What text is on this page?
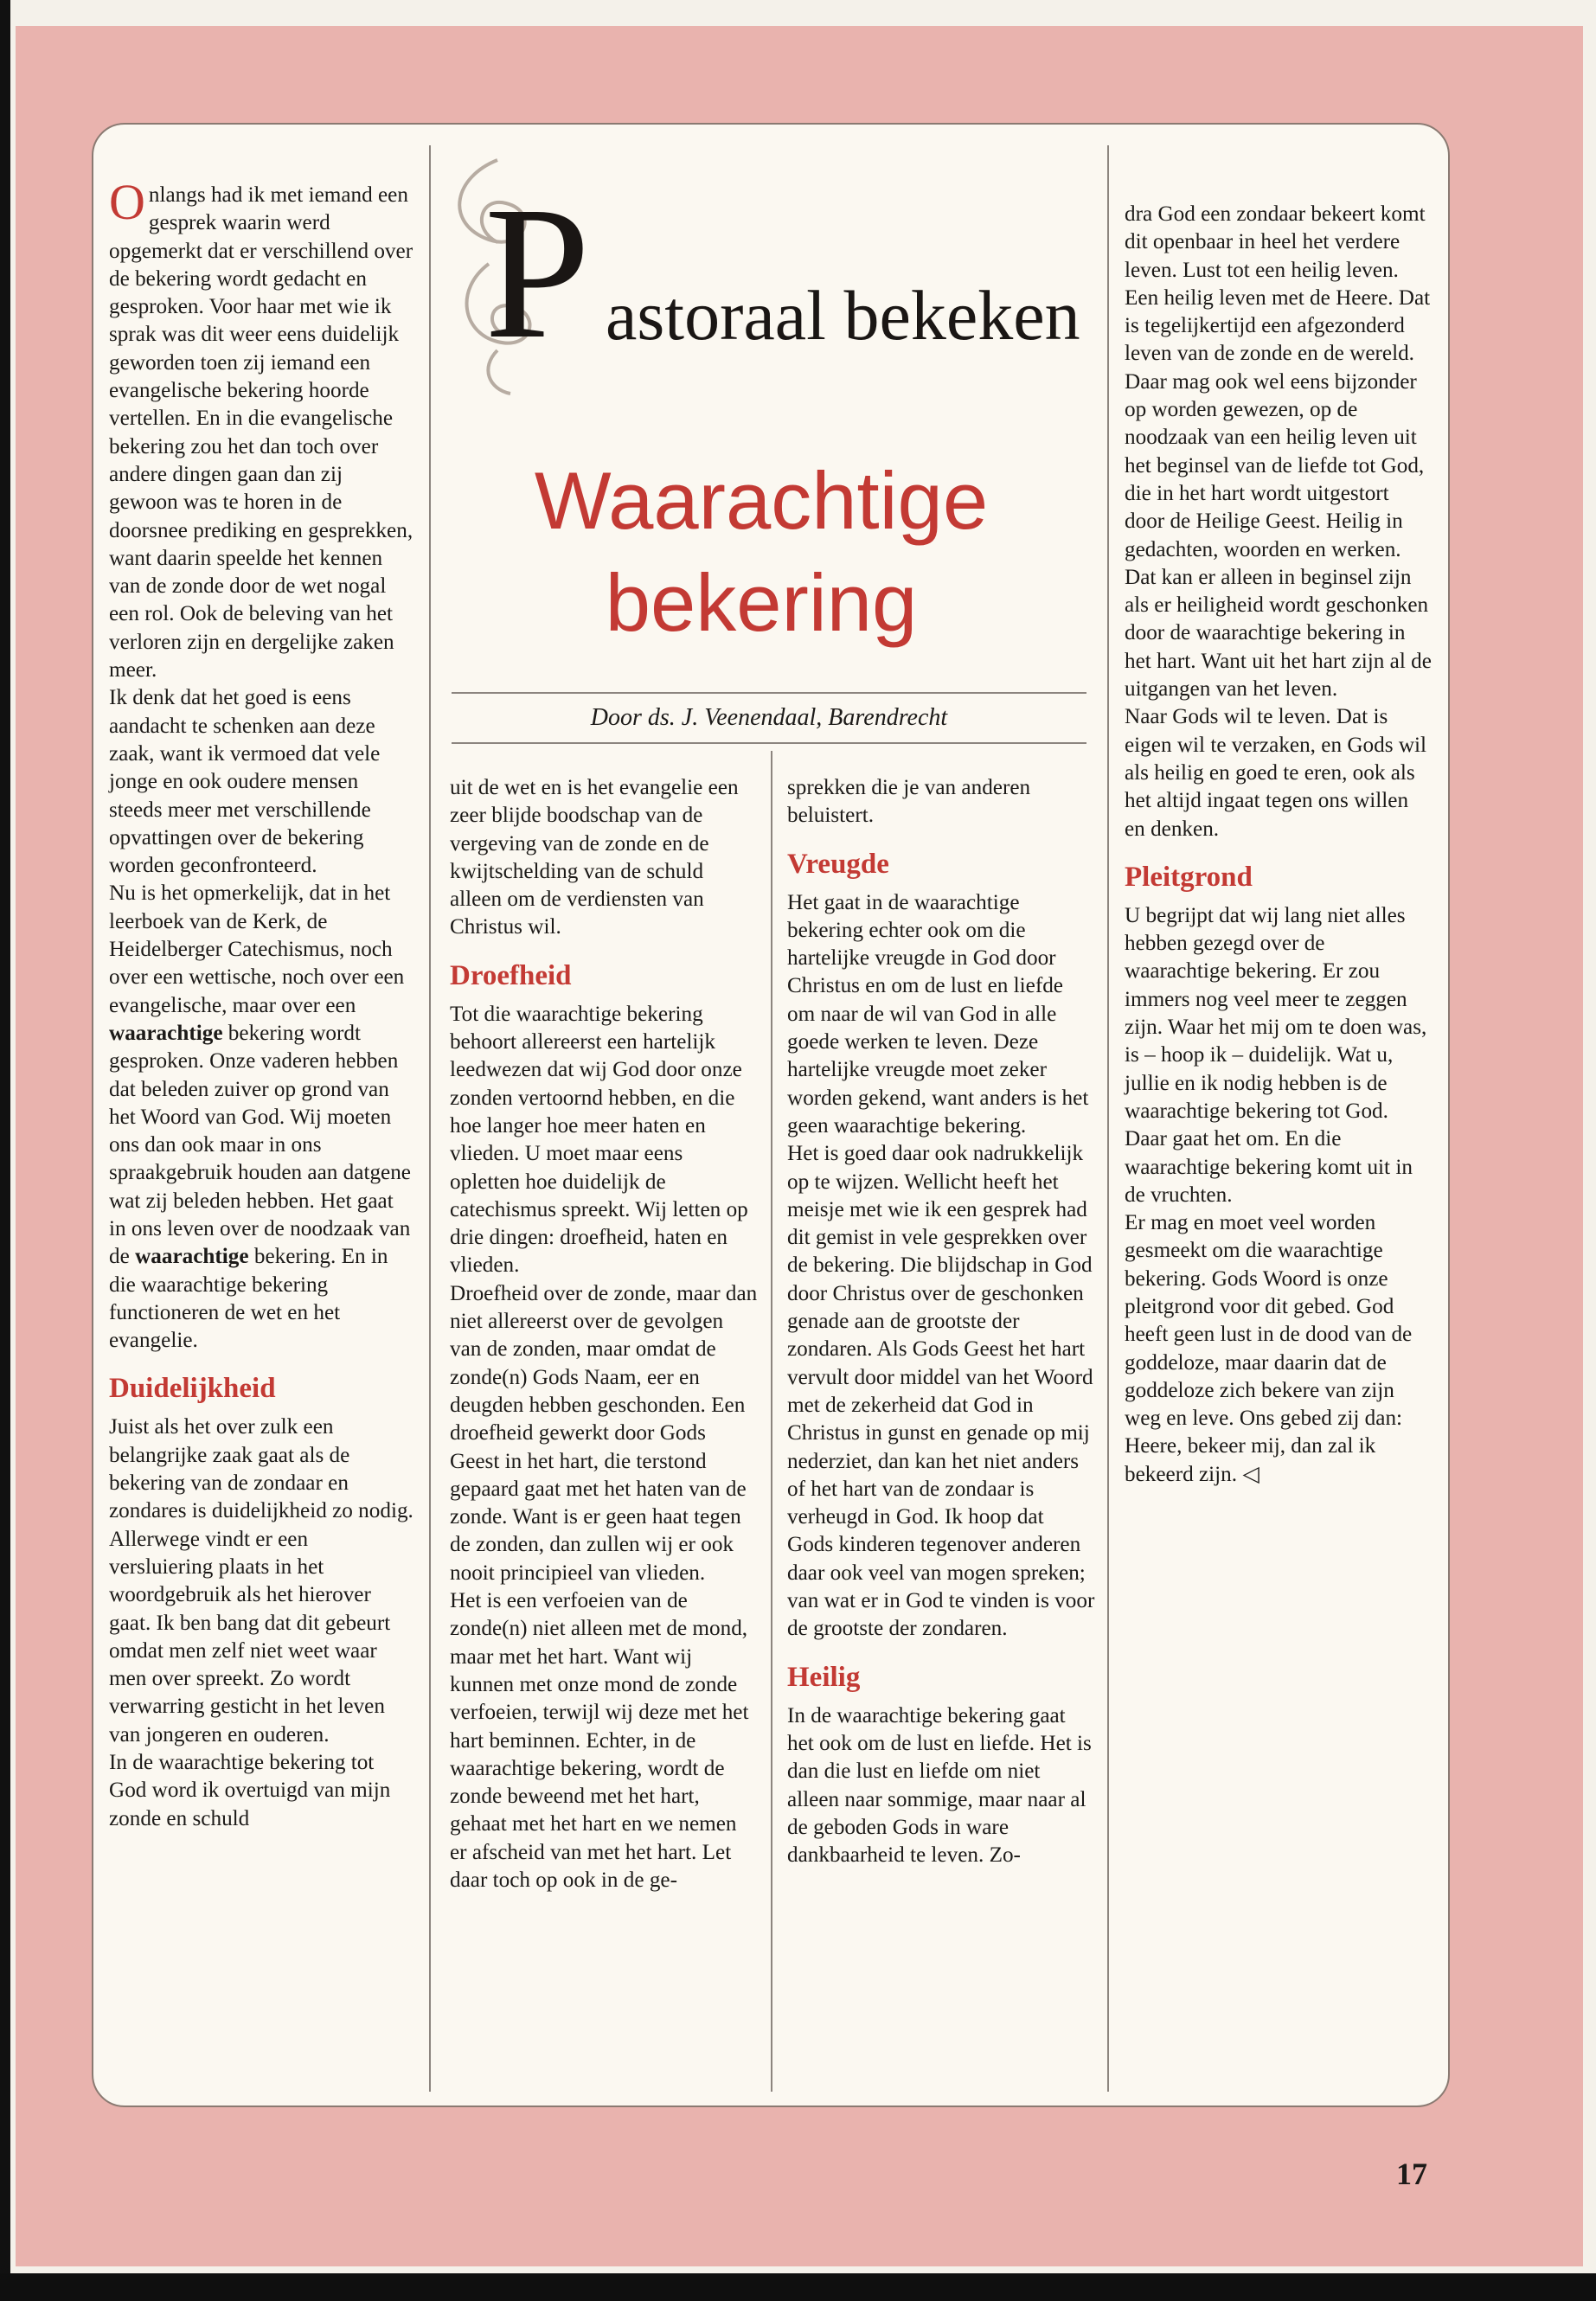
P astoraal bekeken
Waarachtige bekering
Door ds. J. Veenendaal, Barendrecht

Onlangs had ik met iemand een gesprek waarin werd opgemerkt dat er verschillend over de bekering wordt gedacht en gesproken. Voor haar met wie ik sprak was dit weer eens duidelijk geworden toen zij iemand een evangelische bekering hoorde vertellen. En in die evangelische bekering zou het dan toch over andere dingen gaan dan zij gewoon was te horen in de doorsnee prediking en gesprekken, want daarin speelde het kennen van de zonde door de wet nogal een rol. Ook de beleving van het verloren zijn en dergelijke zaken meer.

Ik denk dat het goed is eens aandacht te schenken aan deze zaak, want ik vermoed dat vele jonge en ook oudere mensen steeds meer met verschillende opvattingen over de bekering worden geconfronteerd.

Nu is het opmerkelijk, dat in het leerboek van de Kerk, de Heidelberger Catechismus, noch over een wettische, noch over een evangelische, maar over een waarachtige bekering wordt gesproken. Onze vaderen hebben dat beleden zuiver op grond van het Woord van God. Wij moeten ons dan ook maar in ons spraakgebruik houden aan datgene wat zij beleden hebben. Het gaat in ons leven over de noodzaak van de waarachtige bekering. En in die waarachtige bekering functioneren de wet en het evangelie.

Duidelijkheid

Juist als het over zulk een belangrijke zaak gaat als de bekering van de zondaar en zondares is duidelijkheid zo nodig. Allerwege vindt er een versluiering plaats in het woordgebruik als het hierover gaat. Ik ben bang dat dit gebeurt omdat men zelf niet weet waar men over spreekt. Zo wordt verwarring gesticht in het leven van jongeren en ouderen.

In de waarachtige bekering tot God word ik overtuigd van mijn zonde en schuld

uit de wet en is het evangelie een zeer blijde boodschap van de vergeving van de zonde en de kwijtschelding van de schuld alleen om de verdiensten van Christus wil.

Droefheid

Tot die waarachtige bekering behoort allereerst een hartelijk leedwezen dat wij God door onze zonden vertoornd hebben, en die hoe langer hoe meer haten en vlieden. U moet maar eens opletten hoe duidelijk de catechismus spreekt. Wij letten op drie dingen: droefheid, haten en vlieden.

Droefheid over de zonde, maar dan niet allereerst over de gevolgen van de zonden, maar omdat de zonde(n) Gods Naam, eer en deugden hebben geschonden. Een droefheid gewerkt door Gods Geest in het hart, die terstond gepaard gaat met het haten van de zonde. Want is er geen haat tegen de zonden, dan zullen wij er ook nooit principieel van vlieden.

Het is een verfoeien van de zonde(n) niet alleen met de mond, maar met het hart. Want wij kunnen met onze mond de zonde verfoeien, terwijl wij deze met het hart beminnen. Echter, in de waarachtige bekering, wordt de zonde beweend met het hart, gehaat met het hart en we nemen er afscheid van met het hart. Let daar toch op ook in de ge-

sprekken die je van anderen beluistert.

Vreugde

Het gaat in de waarachtige bekering echter ook om die hartelijke vreugde in God door Christus en om de lust en liefde om naar de wil van God in alle goede werken te leven. Deze hartelijke vreugde moet zeker worden gekend, want anders is het geen waarachtige bekering.

Het is goed daar ook nadrukkelijk op te wijzen. Wellicht heeft het meisje met wie ik een gesprek had dit gemist in vele gesprekken over de bekering. Die blijdschap in God door Christus over de geschonken genade aan de grootste der zondaren. Als Gods Geest het hart vervult door middel van het Woord met de zekerheid dat God in Christus in gunst en genade op mij nederziet, dan kan het niet anders of het hart van de zondaar is verheugd in God. Ik hoop dat Gods kinderen tegenover anderen daar ook veel van mogen spreken; van wat er in God te vinden is voor de grootste der zondaren.

Heilig

In de waarachtige bekering gaat het ook om de lust en liefde. Het is dan die lust en liefde om niet alleen naar sommige, maar naar al de geboden Gods in ware dankbaarheid te leven. Zo-

dra God een zondaar bekeert komt dit openbaar in heel het verdere leven. Lust tot een heilig leven. Een heilig leven met de Heere. Dat is tegelijkertijd een afgezonderd leven van de zonde en de wereld.

Daar mag ook wel eens bijzonder op worden gewezen, op de noodzaak van een heilig leven uit het beginsel van de liefde tot God, die in het hart wordt uitgestort door de Heilige Geest. Heilig in gedachten, woorden en werken. Dat kan er alleen in beginsel zijn als er heiligheid wordt geschonken door de waarachtige bekering in het hart. Want uit het hart zijn al de uitgangen van het leven.

Naar Gods wil te leven. Dat is eigen wil te verzaken, en Gods wil als heilig en goed te eren, ook als het altijd ingaat tegen ons willen en denken.

Pleitgrond

U begrijpt dat wij lang niet alles hebben gezegd over de waarachtige bekering. Er zou immers nog veel meer te zeggen zijn. Waar het mij om te doen was, is – hoop ik – duidelijk. Wat u, jullie en ik nodig hebben is de waarachtige bekering tot God. Daar gaat het om. En die waarachtige bekering komt uit in de vruchten.

Er mag en moet veel worden gesmeekt om die waarachtige bekering. Gods Woord is onze pleitgrond voor dit gebed. God heeft geen lust in de dood van de goddeloze, maar daarin dat de goddeloze zich bekere van zijn weg en leve. Ons gebed zij dan: Heere, bekeer mij, dan zal ik bekeerd zijn. ◁

17
